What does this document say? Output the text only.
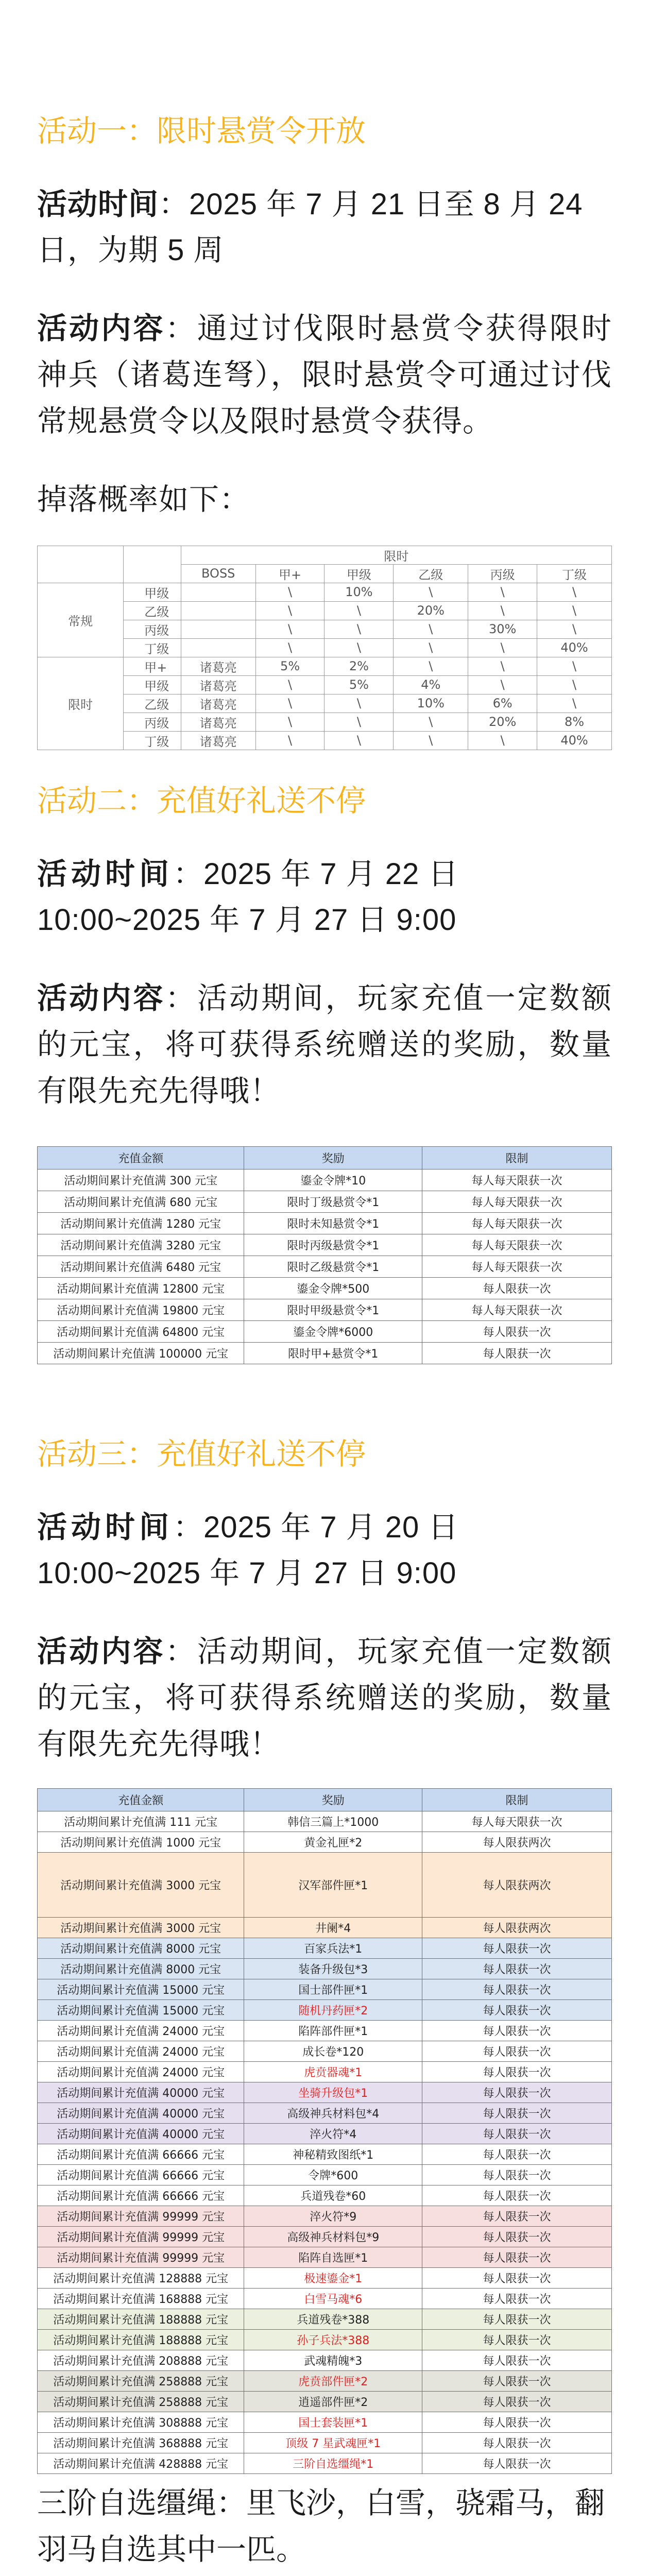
活动一：限时悬赏令开放

活动时间：2025 年 7 月 21 日至 8 月 24 日，为期 5 周

活动内容：通过讨伐限时悬赏令获得限时神兵（诸葛连弩），限时悬赏令可通过讨伐常规悬赏令以及限时悬赏令获得。

掉落概率如下：

		限时					
		BOSS	甲+	甲级	乙级	丙级	丁级
常规	甲级		\	10%	\	\	\
	乙级		\	\	20%	\	\
	丙级		\	\	\	30%	\
	丁级		\	\	\	\	40%
限时	甲+	诸葛亮	5%	2%	\	\	\
	甲级	诸葛亮	\	5%	4%	\	\
	乙级	诸葛亮	\	\	10%	6%	\
	丙级	诸葛亮	\	\	\	20%	8%
	丁级	诸葛亮	\	\	\	\	40%
活动二：充值好礼送不停

活动时间：2025 年 7 月 22 日 10:00~2025 年 7 月 27 日 9:00

活动内容：活动期间，玩家充值一定数额的元宝，将可获得系统赠送的奖励，数量有限先充先得哦！

充值金额	奖励	限制
活动期间累计充值满 300 元宝	鎏金令牌*10	每人每天限获一次
活动期间累计充值满 680 元宝	限时丁级悬赏令*1	每人每天限获一次
活动期间累计充值满 1280 元宝	限时未知悬赏令*1	每人每天限获一次
活动期间累计充值满 3280 元宝	限时丙级悬赏令*1	每人每天限获一次
活动期间累计充值满 6480 元宝	限时乙级悬赏令*1	每人每天限获一次
活动期间累计充值满 12800 元宝	鎏金令牌*500	每人限获一次
活动期间累计充值满 19800 元宝	限时甲级悬赏令*1	每人每天限获一次
活动期间累计充值满 64800 元宝	鎏金令牌*6000	每人限获一次
活动期间累计充值满 100000 元宝	限时甲+悬赏令*1	每人限获一次
活动三：充值好礼送不停

活动时间：2025 年 7 月 20 日 10:00~2025 年 7 月 27 日 9:00

活动内容：活动期间，玩家充值一定数额的元宝，将可获得系统赠送的奖励，数量有限先充先得哦！

充值金额	奖励	限制
活动期间累计充值满 111 元宝	韩信三篇上*1000	每人每天限获一次
活动期间累计充值满 1000 元宝	黄金礼匣*2	每人限获两次
活动期间累计充值满 3000 元宝	汉军部件匣*1	每人限获两次
活动期间累计充值满 3000 元宝	井阑*4	每人限获两次
活动期间累计充值满 8000 元宝	百家兵法*1	每人限获一次
活动期间累计充值满 8000 元宝	装备升级包*3	每人限获一次
活动期间累计充值满 15000 元宝	国士部件匣*1	每人限获一次
活动期间累计充值满 15000 元宝	随机丹药匣*2	每人限获一次
活动期间累计充值满 24000 元宝	陷阵部件匣*1	每人限获一次
活动期间累计充值满 24000 元宝	成长卷*120	每人限获一次
活动期间累计充值满 24000 元宝	虎贲器魂*1	每人限获一次
活动期间累计充值满 40000 元宝	坐骑升级包*1	每人限获一次
活动期间累计充值满 40000 元宝	高级神兵材料包*4	每人限获一次
活动期间累计充值满 40000 元宝	淬火符*4	每人限获一次
活动期间累计充值满 66666 元宝	神秘精致图纸*1	每人限获一次
活动期间累计充值满 66666 元宝	令牌*600	每人限获一次
活动期间累计充值满 66666 元宝	兵道残卷*60	每人限获一次
活动期间累计充值满 99999 元宝	淬火符*9	每人限获一次
活动期间累计充值满 99999 元宝	高级神兵材料包*9	每人限获一次
活动期间累计充值满 99999 元宝	陷阵自选匣*1	每人限获一次
活动期间累计充值满 128888 元宝	极速鎏金*1	每人限获一次
活动期间累计充值满 168888 元宝	白雪马魂*6	每人限获一次
活动期间累计充值满 188888 元宝	兵道残卷*388	每人限获一次
活动期间累计充值满 188888 元宝	孙子兵法*388	每人限获一次
活动期间累计充值满 208888 元宝	武魂精魄*3	每人限获一次
活动期间累计充值满 258888 元宝	虎贲部件匣*2	每人限获一次
活动期间累计充值满 258888 元宝	逍遥部件匣*2	每人限获一次
活动期间累计充值满 308888 元宝	国士套装匣*1	每人限获一次
活动期间累计充值满 368888 元宝	顶级 7 星武魂匣*1	每人限获一次
活动期间累计充值满 428888 元宝	三阶自选缰绳*1	每人限获一次

三阶自选缰绳：里飞沙，白雪，骁霜马，翻羽马自选其中一匹。
